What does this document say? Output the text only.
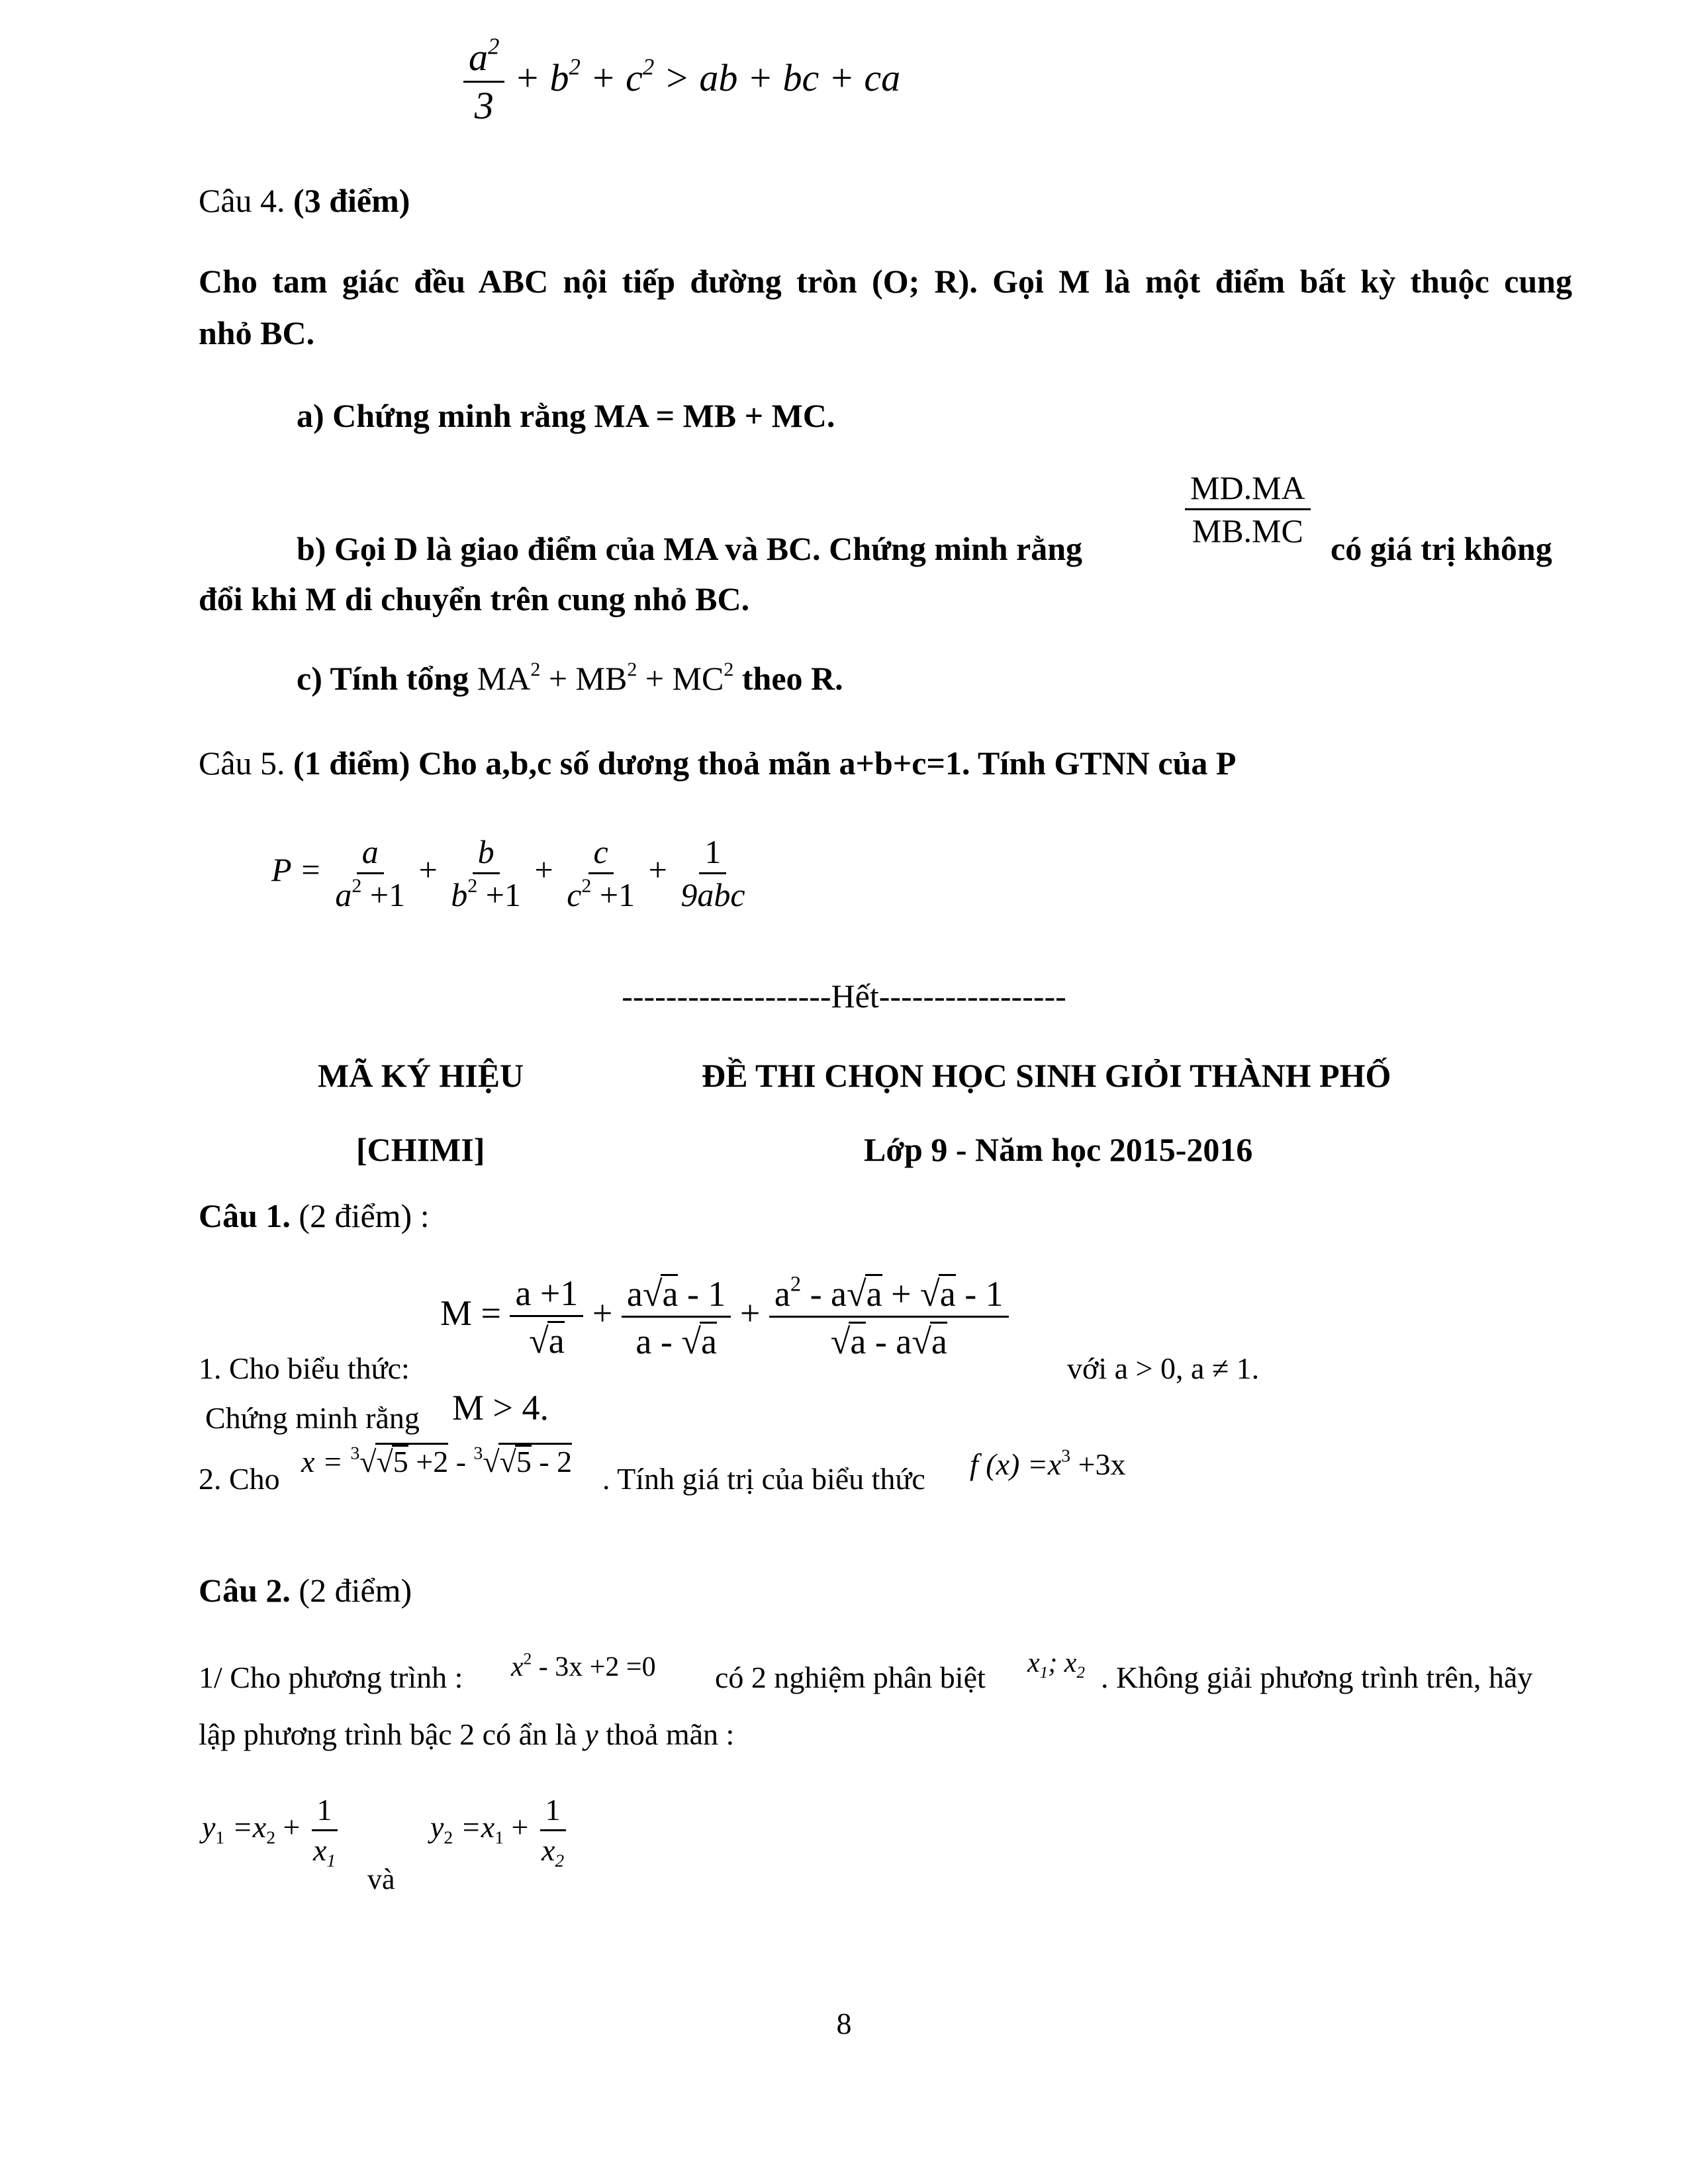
$\frac{a^2}{3} + b^2 + c^2$ > ab + bc + ca
Câu 4. (3 điểm)
Cho tam giác đều ABC nội tiếp đường tròn (O; R). Gọi M là một điểm bất kỳ thuộc cung
nhỏ BC.
a) Chứng minh rằng MA = MB + MC.
b) Gọi D là giao điểm của MA và BC. Chứng minh rằng
$\frac{MD.MA}{MB.MC}$
có giá trị không
đổi khi M di chuyển trên cung nhỏ BC.
c) Tính tổng $MA^2 + MB^2 + MC^2$ theo R.
Câu 5. (1 điểm) Cho a,b,c số dương thoả mãn a+b+c=1. Tính GTNN của P
$P = \frac{a}{a^2 +1} + \frac{b}{b^2 +1} + \frac{c}{c^2 +1} + \frac{1}{\text{9abc}}$
-------------------Hết-----------------
MÃ KÝ HIỆU	ĐỀ THI CHỌN HỌC SINH GIỎI THÀNH PHỐ
[CHIMI]	Lớp 9 - Năm học 2015-2016
Câu 1. (2 điểm) :
$M = \frac{a +1}{√a} + \frac{a√a - 1}{a - √a} + \frac{a^2 - a√a + √a - 1}{√a - a√a}$
1. Cho biểu thức:	với a > 0, a ≠ 1.
Chứng minh rằng M > 4.
2. Cho
x = $^3$√√5 +2 - $^3$√√5 - 2
. Tính giá trị của biểu thức f $(x) =x^3 +3x$
Câu 2. (2 điểm)
1/ Cho phương trình : $x^2 - 3x +2 =0$ có 2 nghiệm phân biệt $x_1$; $x_2$ . Không giải phương trình trên, hãy
lập phương trình bậc 2 có ẩn là y thoả mãn :
$y_1 =x_2 + \frac{1}{x_1}$
và
$y_2 =x_1 + \frac{1}{x_2}$
8
